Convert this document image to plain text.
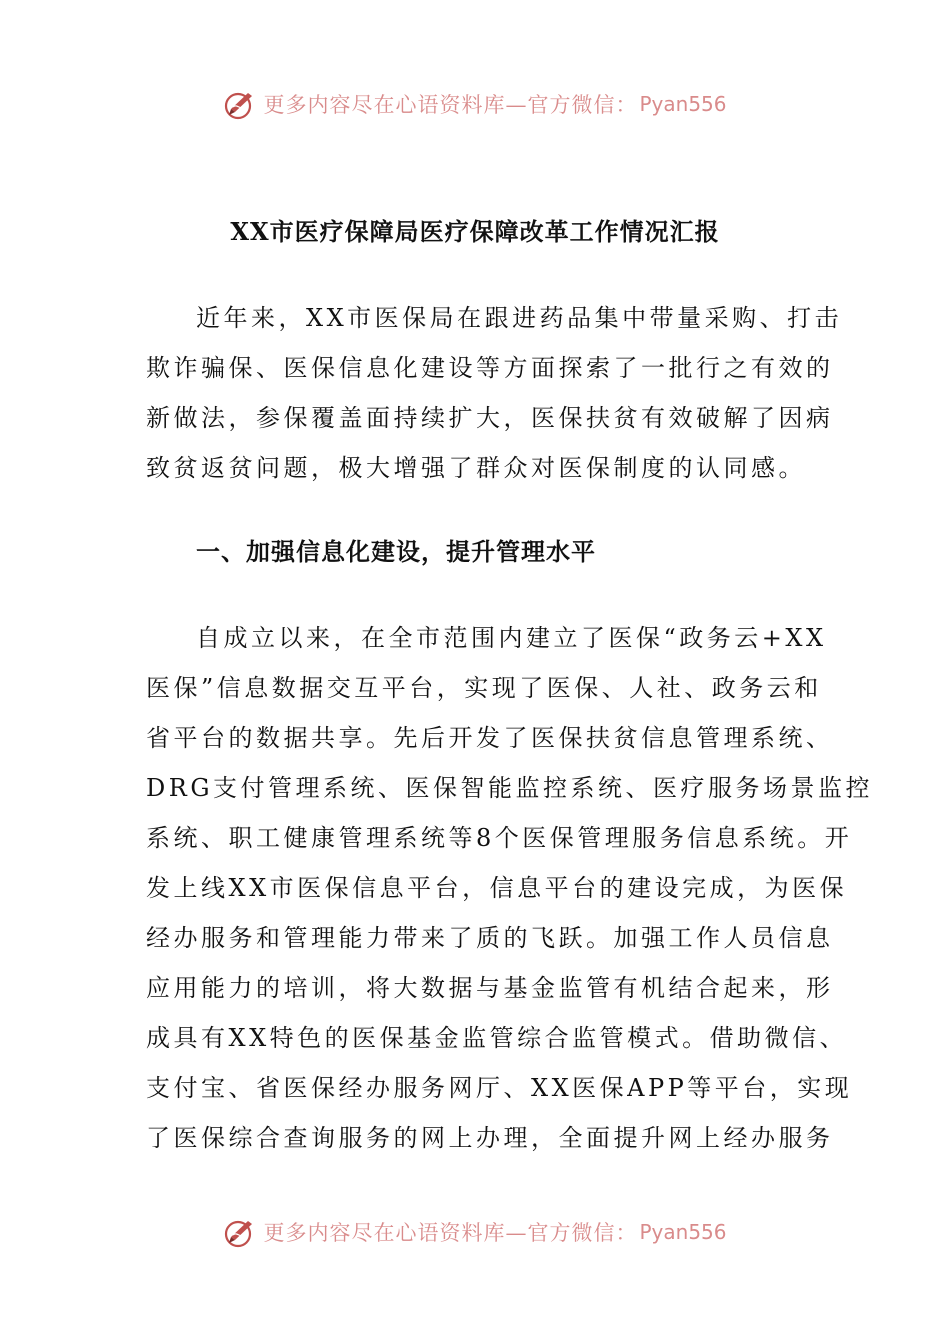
更多内容尽在心语资料库—官方微信： Pyan556
XX市医疗保障局医疗保障改革工作情况汇报
近年来，XX市医保局在跟进药品集中带量采购、打击
欺诈骗保、医保信息化建设等方面探索了一批行之有效的
新做法，参保覆盖面持续扩大，医保扶贫有效破解了因病
致贫返贫问题，极大增强了群众对医保制度的认同感。
一、加强信息化建设，提升管理水平
自成立以来，在全市范围内建立了医保“政务云+XX
医保”信息数据交互平台，实现了医保、人社、政务云和
省平台的数据共享。先后开发了医保扶贫信息管理系统、
DRG支付管理系统、医保智能监控系统、医疗服务场景监控
系统、职工健康管理系统等8个医保管理服务信息系统。开
发上线XX市医保信息平台，信息平台的建设完成，为医保
经办服务和管理能力带来了质的飞跃。加强工作人员信息
应用能力的培训，将大数据与基金监管有机结合起来，形
成具有XX特色的医保基金监管综合监管模式。借助微信、
支付宝、省医保经办服务网厅、XX医保APP等平台，实现
了医保综合查询服务的网上办理，全面提升网上经办服务
更多内容尽在心语资料库—官方微信： Pyan556
